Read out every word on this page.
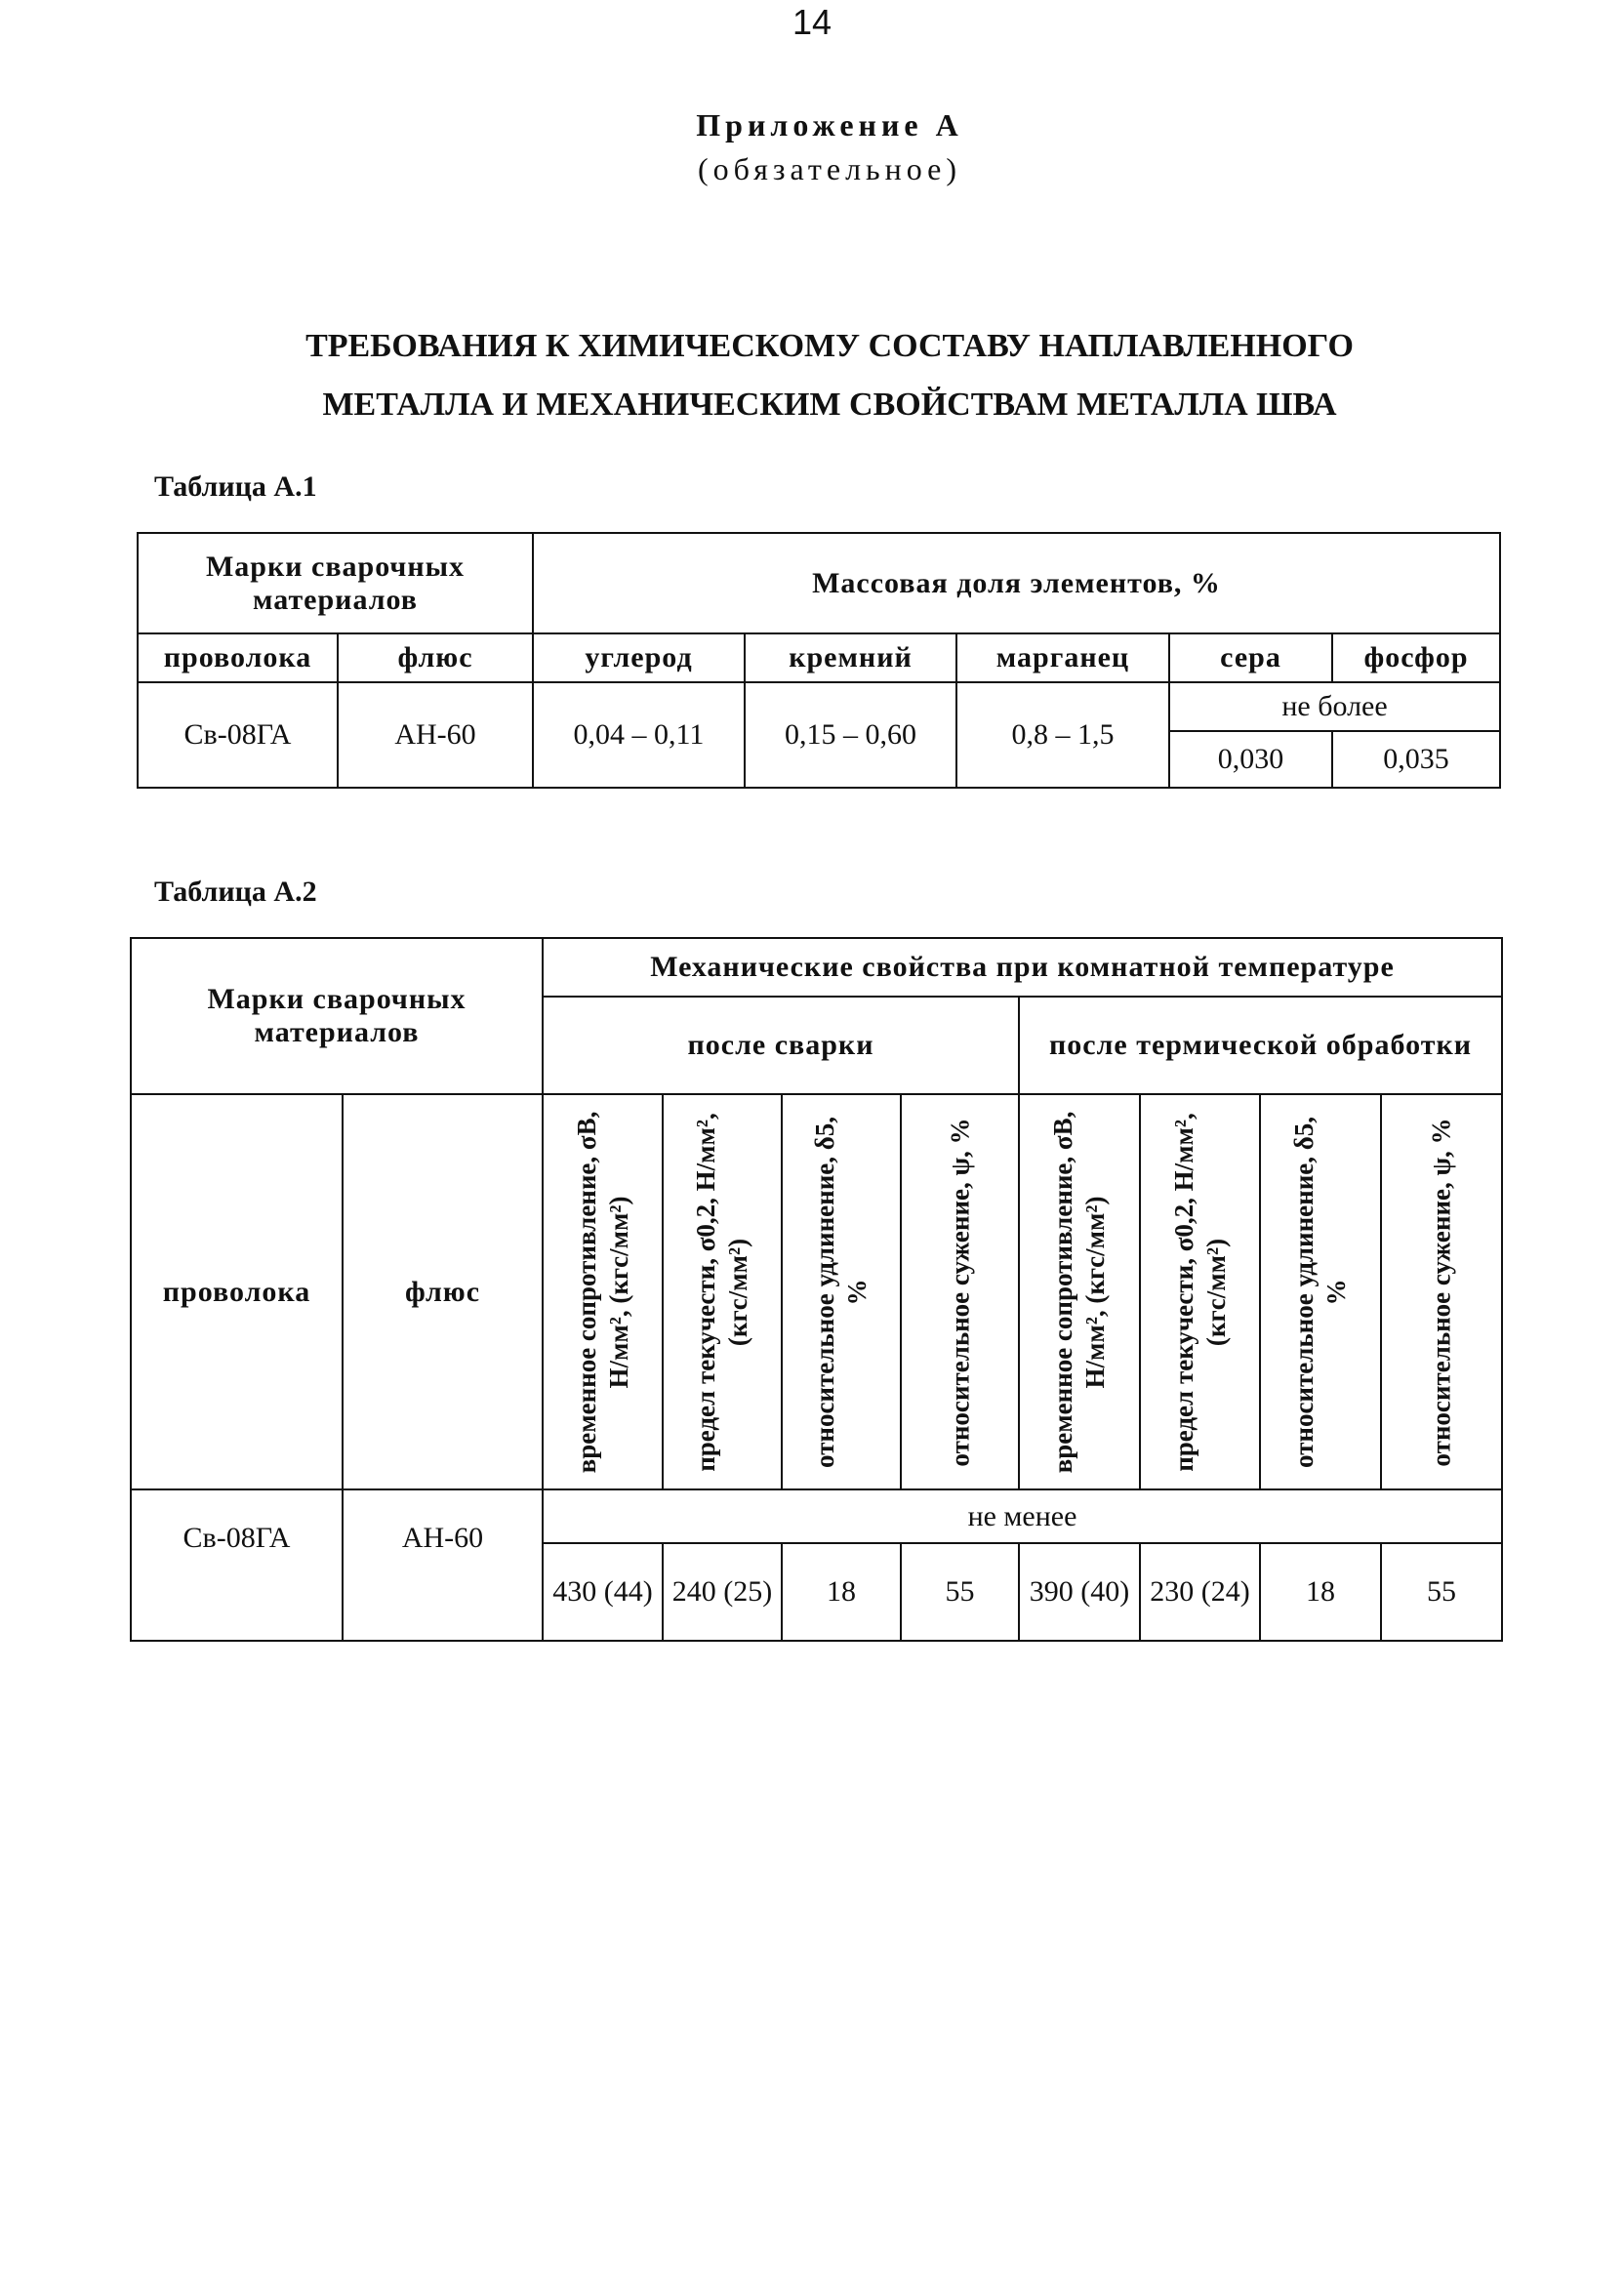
14
Приложение А
(обязательное)
ТРЕБОВАНИЯ К ХИМИЧЕСКОМУ СОСТАВУ НАПЛАВЛЕННОГО
МЕТАЛЛА И МЕХАНИЧЕСКИМ СВОЙСТВАМ МЕТАЛЛА ШВА
Таблица А.1
Марки сварочных материалов		Массовая доля элементов, %				
проволока	флюс	углерод	кремний	марганец	сера	фосфор
Св-08ГА	АН-60	0,04 – 0,11	0,15 – 0,60	0,8 – 1,5	не более	
					0,030	0,035
Таблица А.2
Марки сварочных материалов		Механические свойства при комнатной температуре							
		после сварки				после термической обработки			
проволока	флюс	временное сопротивление, σВ, Н/мм², (кгс/мм²)	предел текучести, σ0,2, Н/мм², (кгс/мм²)	относительное удлинение, δ5, %	относительное сужение, ψ, %	временное сопротивление, σВ, Н/мм², (кгс/мм²)	предел текучести, σ0,2, Н/мм², (кгс/мм²)	относительное удлинение, δ5, %	относительное сужение, ψ, %

Св-08ГА	АН-60	не менее							
		430 (44)	240 (25)	18	55	390 (40)	230 (24)	18	55
